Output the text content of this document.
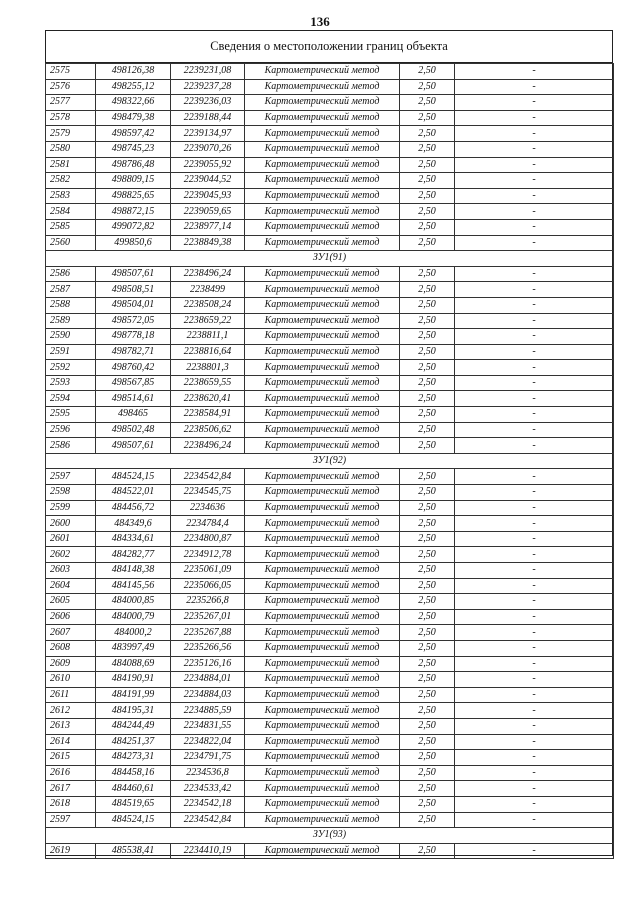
136
Сведения о местоположении границ объекта
2575	498126,38	2239231,08	Картометрический метод	2,50	-
2576	498255,12	2239237,28	Картометрический метод	2,50	-
2577	498322,66	2239236,03	Картометрический метод	2,50	-
2578	498479,38	2239188,44	Картометрический метод	2,50	-
2579	498597,42	2239134,97	Картометрический метод	2,50	-
2580	498745,23	2239070,26	Картометрический метод	2,50	-
2581	498786,48	2239055,92	Картометрический метод	2,50	-
2582	498809,15	2239044,52	Картометрический метод	2,50	-
2583	498825,65	2239045,93	Картометрический метод	2,50	-
2584	498872,15	2239059,65	Картометрический метод	2,50	-
2585	499072,82	2238977,14	Картометрический метод	2,50	-
2560	499850,6	2238849,38	Картометрический метод	2,50	-
ЗУ1(91)					
2586	498507,61	2238496,24	Картометрический метод	2,50	-
2587	498508,51	2238499	Картометрический метод	2,50	-
2588	498504,01	2238508,24	Картометрический метод	2,50	-
2589	498572,05	2238659,22	Картометрический метод	2,50	-
2590	498778,18	2238811,1	Картометрический метод	2,50	-
2591	498782,71	2238816,64	Картометрический метод	2,50	-
2592	498760,42	2238801,3	Картометрический метод	2,50	-
2593	498567,85	2238659,55	Картометрический метод	2,50	-
2594	498514,61	2238620,41	Картометрический метод	2,50	-
2595	498465	2238584,91	Картометрический метод	2,50	-
2596	498502,48	2238506,62	Картометрический метод	2,50	-
2586	498507,61	2238496,24	Картометрический метод	2,50	-
ЗУ1(92)					
2597	484524,15	2234542,84	Картометрический метод	2,50	-
2598	484522,01	2234545,75	Картометрический метод	2,50	-
2599	484456,72	2234636	Картометрический метод	2,50	-
2600	484349,6	2234784,4	Картометрический метод	2,50	-
2601	484334,61	2234800,87	Картометрический метод	2,50	-
2602	484282,77	2234912,78	Картометрический метод	2,50	-
2603	484148,38	2235061,09	Картометрический метод	2,50	-
2604	484145,56	2235066,05	Картометрический метод	2,50	-
2605	484000,85	2235266,8	Картометрический метод	2,50	-
2606	484000,79	2235267,01	Картометрический метод	2,50	-
2607	484000,2	2235267,88	Картометрический метод	2,50	-
2608	483997,49	2235266,56	Картометрический метод	2,50	-
2609	484088,69	2235126,16	Картометрический метод	2,50	-
2610	484190,91	2234884,01	Картометрический метод	2,50	-
2611	484191,99	2234884,03	Картометрический метод	2,50	-
2612	484195,31	2234885,59	Картометрический метод	2,50	-
2613	484244,49	2234831,55	Картометрический метод	2,50	-
2614	484251,37	2234822,04	Картометрический метод	2,50	-
2615	484273,31	2234791,75	Картометрический метод	2,50	-
2616	484458,16	2234536,8	Картометрический метод	2,50	-
2617	484460,61	2234533,42	Картометрический метод	2,50	-
2618	484519,65	2234542,18	Картометрический метод	2,50	-
2597	484524,15	2234542,84	Картометрический метод	2,50	-
ЗУ1(93)					
2619	485538,41	2234410,19	Картометрический метод	2,50	-
